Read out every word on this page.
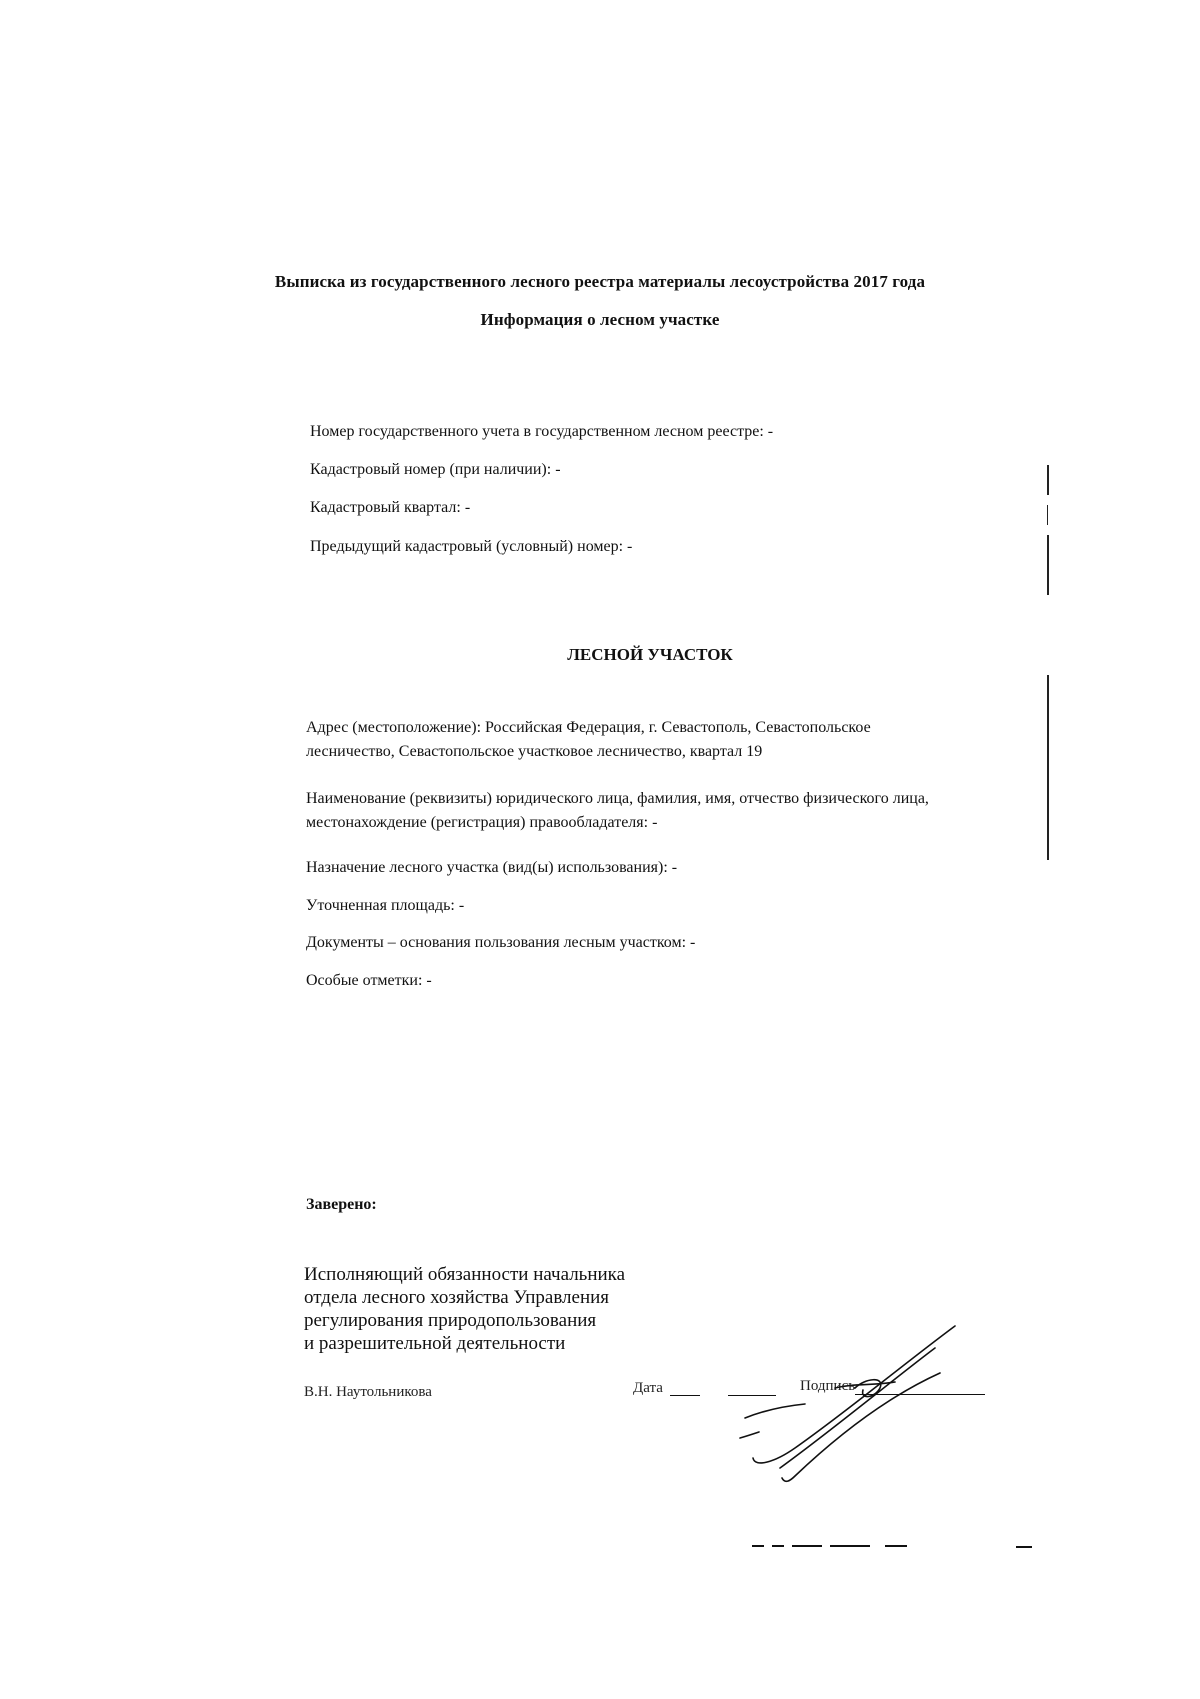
Выписка из государственного лесного реестра материалы лесоустройства 2017 года
Информация о лесном участке
Номер государственного учета в государственном лесном реестре: -
Кадастровый номер (при наличии): -
Кадастровый квартал: -
Предыдущий кадастровый (условный) номер: -
ЛЕСНОЙ УЧАСТОК
Адрес (местоположение): Российская Федерация, г. Севастополь, Севастопольское лесничество, Севастопольское участковое лесничество, квартал 19
Наименование (реквизиты) юридического лица, фамилия, имя, отчество физического лица, местонахождение (регистрация) правообладателя: -
Назначение лесного участка (вид(ы) использования): -
Уточненная площадь: -
Документы – основания пользования лесным участком: -
Особые отметки: -
Заверено:
Исполняющий обязанности начальника
отдела лесного хозяйства Управления
регулирования природопользования
и разрешительной деятельности
В.Н. Наутольникова	Дата	Подпись
